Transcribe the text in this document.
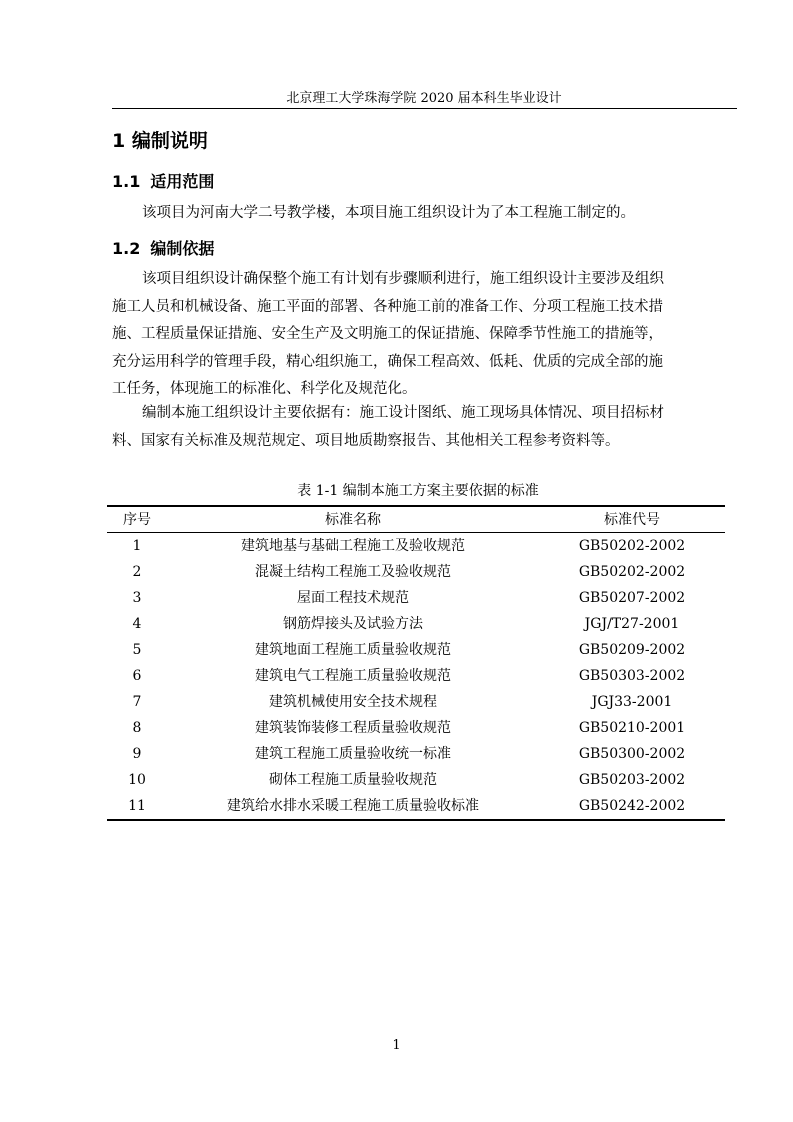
北京理工大学珠海学院 2020 届本科生毕业设计
1 编制说明
1.1 适用范围
该项目为河南大学二号教学楼，本项目施工组织设计为了本工程施工制定的。
1.2 编制依据
该项目组织设计确保整个施工有计划有步骤顺利进行，施工组织设计主要涉及组织
施工人员和机械设备、施工平面的部署、各种施工前的准备工作、分项工程施工技术措
施、工程质量保证措施、安全生产及文明施工的保证措施、保障季节性施工的措施等，
充分运用科学的管理手段，精心组织施工，确保工程高效、低耗、优质的完成全部的施
工任务，体现施工的标准化、科学化及规范化。
编制本施工组织设计主要依据有：施工设计图纸、施工现场具体情况、项目招标材
料、国家有关标准及规范规定、项目地质勘察报告、其他相关工程参考资料等。
表 1-1 编制本施工方案主要依据的标准
序号	标准名称	标准代号
1	建筑地基与基础工程施工及验收规范	GB50202-2002
2	混凝土结构工程施工及验收规范	GB50202-2002
3	屋面工程技术规范	GB50207-2002
4	钢筋焊接头及试验方法	JGJ/T27-2001
5	建筑地面工程施工质量验收规范	GB50209-2002
6	建筑电气工程施工质量验收规范	GB50303-2002
7	建筑机械使用安全技术规程	JGJ33-2001
8	建筑装饰装修工程质量验收规范	GB50210-2001
9	建筑工程施工质量验收统一标准	GB50300-2002
10	砌体工程施工质量验收规范	GB50203-2002
11	建筑给水排水采暖工程施工质量验收标准	GB50242-2002
1
